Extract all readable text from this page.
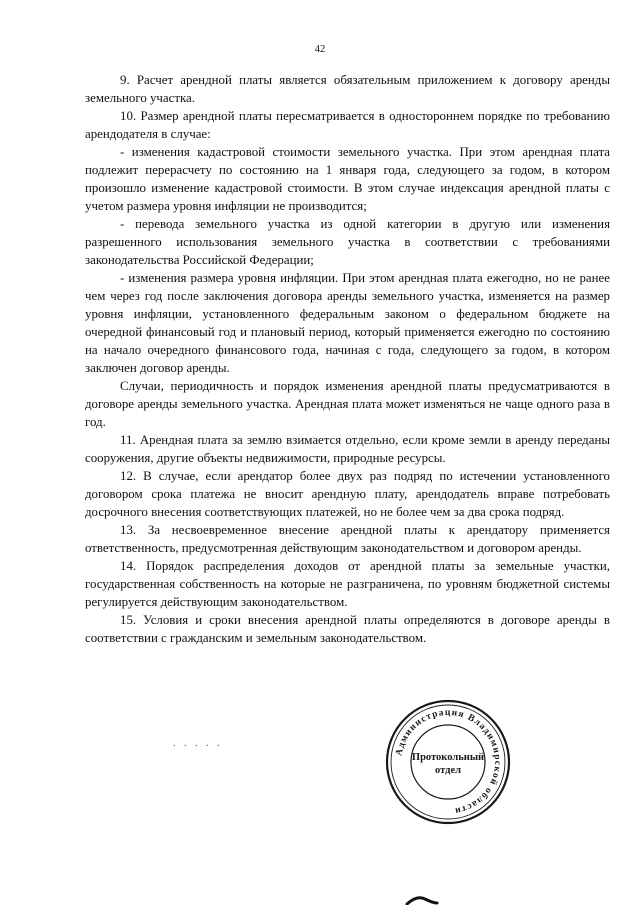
42

9. Расчет арендной платы является обязательным приложением к договору аренды земельного участка.

10. Размер арендной платы пересматривается в одностороннем порядке по требованию арендодателя в случае:

- изменения кадастровой стоимости земельного участка. При этом арендная плата подлежит перерасчету по состоянию на 1 января года, следующего за годом, в котором произошло изменение кадастровой стоимости. В этом случае индексация арендной платы с учетом размера уровня инфляции не производится;

- перевода земельного участка из одной категории в другую или изменения разрешенного использования земельного участка в соответствии с требованиями законодательства Российской Федерации;

- изменения размера уровня инфляции. При этом арендная плата ежегодно, но не ранее чем через год после заключения договора аренды земельного участка, изменяется на размер уровня инфляции, установленного федеральным законом о федеральном бюджете на очередной финансовый год и плановый период, который применяется ежегодно по состоянию на начало очередного финансового года, начиная с года, следующего за годом, в котором заключен договор аренды.

Случаи, периодичность и порядок изменения арендной платы предусматриваются в договоре аренды земельного участка. Арендная плата может изменяться не чаще одного раза в год.

11. Арендная плата за землю взимается отдельно, если кроме земли в аренду переданы сооружения, другие объекты недвижимости, природные ресурсы.

12. В случае, если арендатор более двух раз подряд по истечении установленного договором срока платежа не вносит арендную плату, арендодатель вправе потребовать досрочного внесения соответствующих платежей, но не более чем за два срока подряд.

13. За несвоевременное внесение арендной платы к арендатору применяется ответственность, предусмотренная действующим законодательством и договором аренды.

14. Порядок распределения доходов от арендной платы за земельные участки, государственная собственность на которые не разграничена, по уровням бюджетной системы регулируется действующим законодательством.

15. Условия и сроки внесения арендной платы определяются в договоре аренды в соответствии с гражданским и земельным законодательством.

. . . . .
Администрация Владимирской области
Протокольный
отдел
